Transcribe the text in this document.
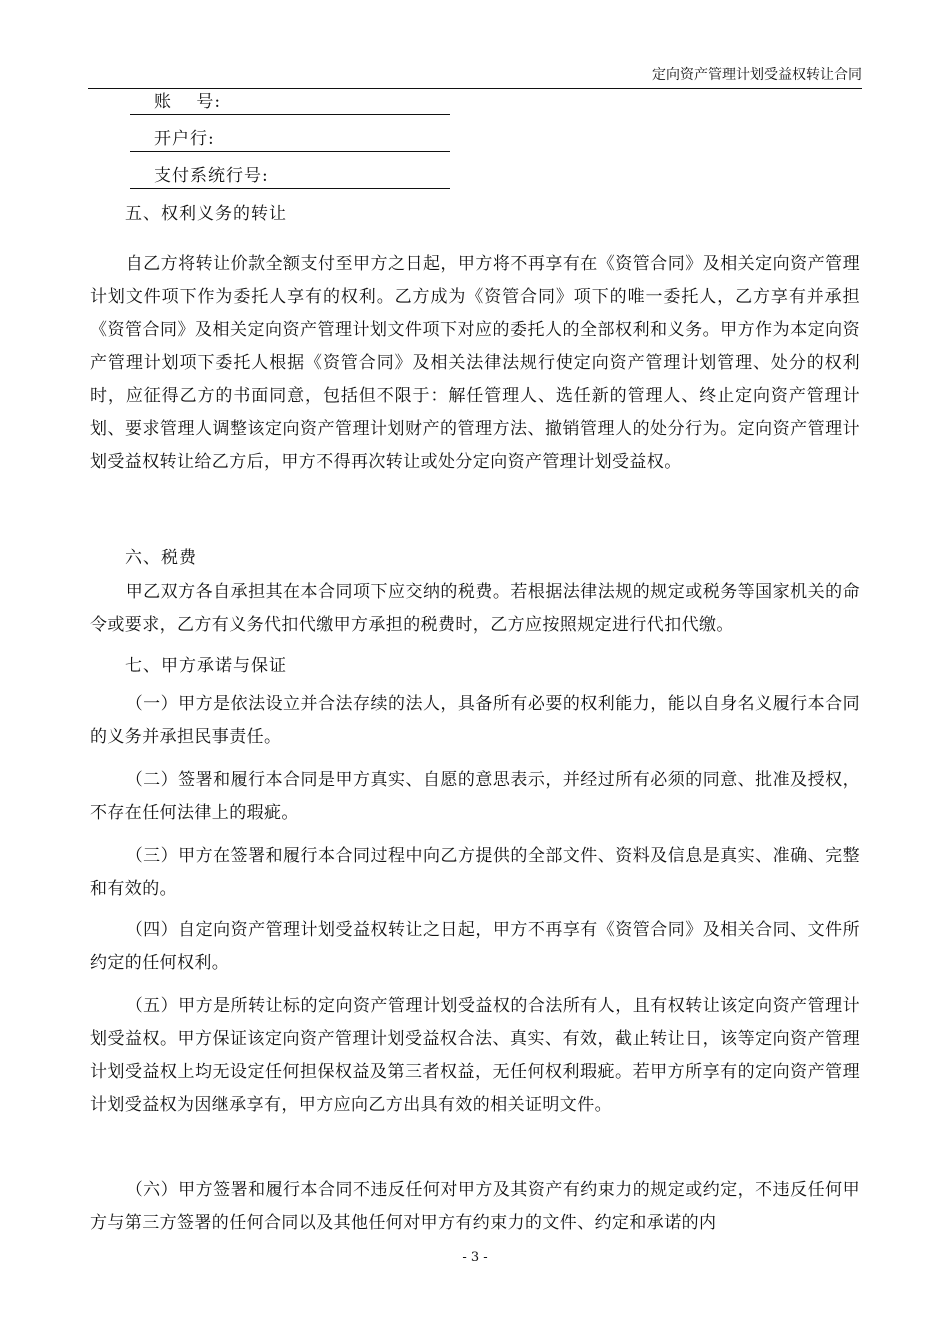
定向资产管理计划受益权转让合同
账　 号:
开户行:
支付系统行号:
五、权利义务的转让
自乙方将转让价款全额支付至甲方之日起，甲方将不再享有在《资管合同》及相关定向资产管理计划文件项下作为委托人享有的权利。乙方成为《资管合同》项下的唯一委托人，乙方享有并承担《资管合同》及相关定向资产管理计划文件项下对应的委托人的全部权利和义务。甲方作为本定向资产管理计划项下委托人根据《资管合同》及相关法律法规行使定向资产管理计划管理、处分的权利时，应征得乙方的书面同意，包括但不限于：解任管理人、选任新的管理人、终止定向资产管理计划、要求管理人调整该定向资产管理计划财产的管理方法、撤销管理人的处分行为。定向资产管理计划受益权转让给乙方后，甲方不得再次转让或处分定向资产管理计划受益权。
六、税费
甲乙双方各自承担其在本合同项下应交纳的税费。若根据法律法规的规定或税务等国家机关的命令或要求，乙方有义务代扣代缴甲方承担的税费时，乙方应按照规定进行代扣代缴。
七、甲方承诺与保证
（一）甲方是依法设立并合法存续的法人，具备所有必要的权利能力，能以自身名义履行本合同的义务并承担民事责任。
（二）签署和履行本合同是甲方真实、自愿的意思表示，并经过所有必须的同意、批准及授权，不存在任何法律上的瑕疵。
（三）甲方在签署和履行本合同过程中向乙方提供的全部文件、资料及信息是真实、准确、完整和有效的。
（四）自定向资产管理计划受益权转让之日起，甲方不再享有《资管合同》及相关合同、文件所约定的任何权利。
（五）甲方是所转让标的定向资产管理计划受益权的合法所有人，且有权转让该定向资产管理计划受益权。甲方保证该定向资产管理计划受益权合法、真实、有效，截止转让日，该等定向资产管理计划受益权上均无设定任何担保权益及第三者权益，无任何权利瑕疵。若甲方所享有的定向资产管理计划受益权为因继承享有，甲方应向乙方出具有效的相关证明文件。
（六）甲方签署和履行本合同不违反任何对甲方及其资产有约束力的规定或约定，不违反任何甲方与第三方签署的任何合同以及其他任何对甲方有约束力的文件、约定和承诺的内
- 3 -
